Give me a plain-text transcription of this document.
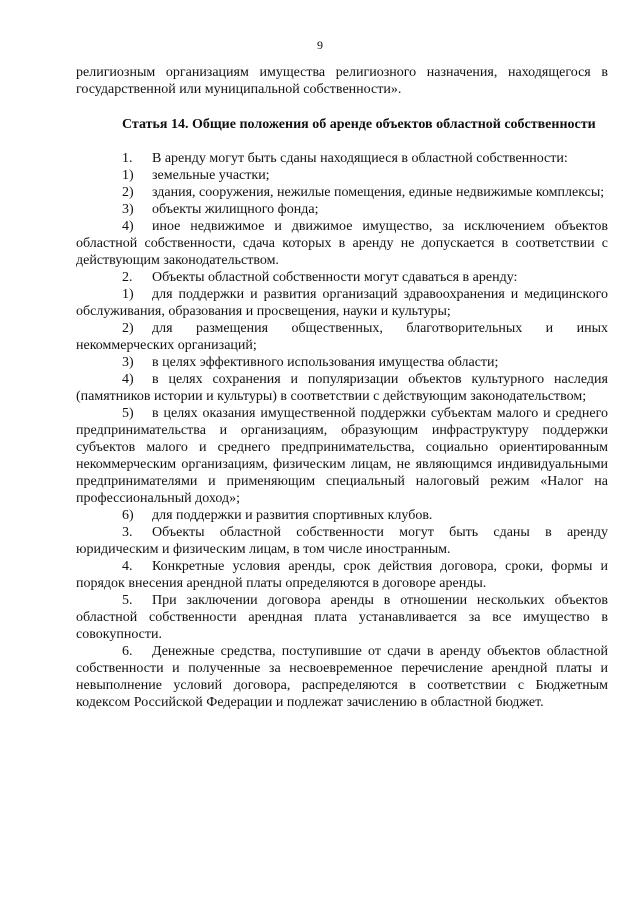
9

религиозным организациям имущества религиозного назначения, находящегося в государственной или муниципальной собственности».

Статья 14. Общие положения об аренде объектов областной собственности

1. В аренду могут быть сданы находящиеся в областной собственности:

1) земельные участки;

2) здания, сооружения, нежилые помещения, единые недвижимые комплексы;

3) объекты жилищного фонда;

4) иное недвижимое и движимое имущество, за исключением объектов областной собственности, сдача которых в аренду не допускается в соответствии с действующим законодательством.

2. Объекты областной собственности могут сдаваться в аренду:

1) для поддержки и развития организаций здравоохранения и медицинского обслуживания, образования и просвещения, науки и культуры;

2) для размещения общественных, благотворительных и иных некоммерческих организаций;

3) в целях эффективного использования имущества области;

4) в целях сохранения и популяризации объектов культурного наследия (памятников истории и культуры) в соответствии с действующим законодательством;

5) в целях оказания имущественной поддержки субъектам малого и среднего предпринимательства и организациям, образующим инфраструктуру поддержки субъектов малого и среднего предпринимательства, социально ориентированным некоммерческим организациям, физическим лицам, не являющимся индивидуальными предпринимателями и применяющим специальный налоговый режим «Налог на профессиональный доход»;

6) для поддержки и развития спортивных клубов.

3. Объекты областной собственности могут быть сданы в аренду юридическим и физическим лицам, в том числе иностранным.

4. Конкретные условия аренды, срок действия договора, сроки, формы и порядок внесения арендной платы определяются в договоре аренды.

5. При заключении договора аренды в отношении нескольких объектов областной собственности арендная плата устанавливается за все имущество в совокупности.

6. Денежные средства, поступившие от сдачи в аренду объектов областной собственности и полученные за несвоевременное перечисление арендной платы и невыполнение условий договора, распределяются в соответствии с Бюджетным кодексом Российской Федерации и подлежат зачислению в областной бюджет.
